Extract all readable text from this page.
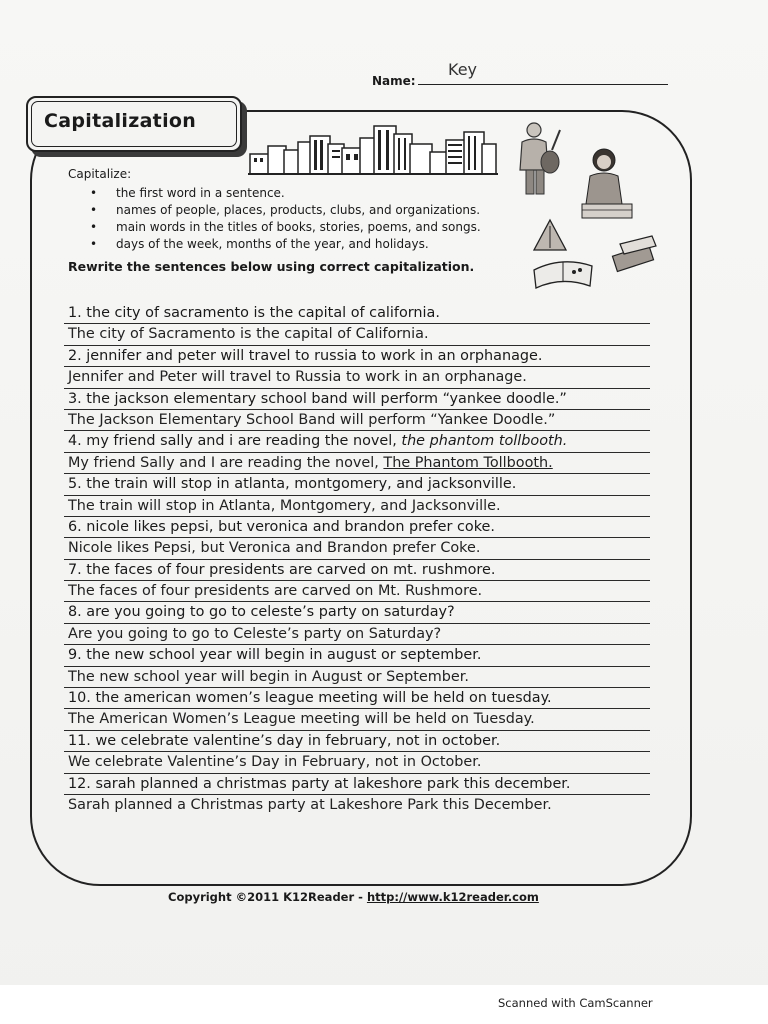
Name:
Key
Capitalization
Capitalize:
• the first word in a sentence.
• names of people, places, products, clubs, and organizations.
• main words in the titles of books, stories, poems, and songs.
• days of the week, months of the year, and holidays.
Rewrite the sentences below using correct capitalization.
1. the city of sacramento is the capital of california.
The city of Sacramento is the capital of California.
2. jennifer and peter will travel to russia to work in an orphanage.
Jennifer and Peter will travel to Russia to work in an orphanage.
3. the jackson elementary school band will perform “yankee doodle.”
The Jackson Elementary School Band will perform “Yankee Doodle.”
4. my friend sally and i are reading the novel, the phantom tollbooth.
My friend Sally and I are reading the novel, The Phantom Tollbooth.
5. the train will stop in atlanta, montgomery, and jacksonville.
The train will stop in Atlanta, Montgomery, and Jacksonville.
6. nicole likes pepsi, but veronica and brandon prefer coke.
Nicole likes Pepsi, but Veronica and Brandon prefer Coke.
7. the faces of four presidents are carved on mt. rushmore.
The faces of four presidents are carved on Mt. Rushmore.
8. are you going to go to celeste’s party on saturday?
Are you going to go to Celeste’s party on Saturday?
9. the new school year will begin in august or september.
The new school year will begin in August or September.
10. the american women’s league meeting will be held on tuesday.
The American Women’s League meeting will be held on Tuesday.
11. we celebrate valentine’s day in february, not in october.
We celebrate Valentine’s Day in February, not in October.
12. sarah planned a christmas party at lakeshore park this december.
Sarah planned a Christmas party at Lakeshore Park this December.
Copyright ©2011 K12Reader - http://www.k12reader.com
Scanned with CamScanner
